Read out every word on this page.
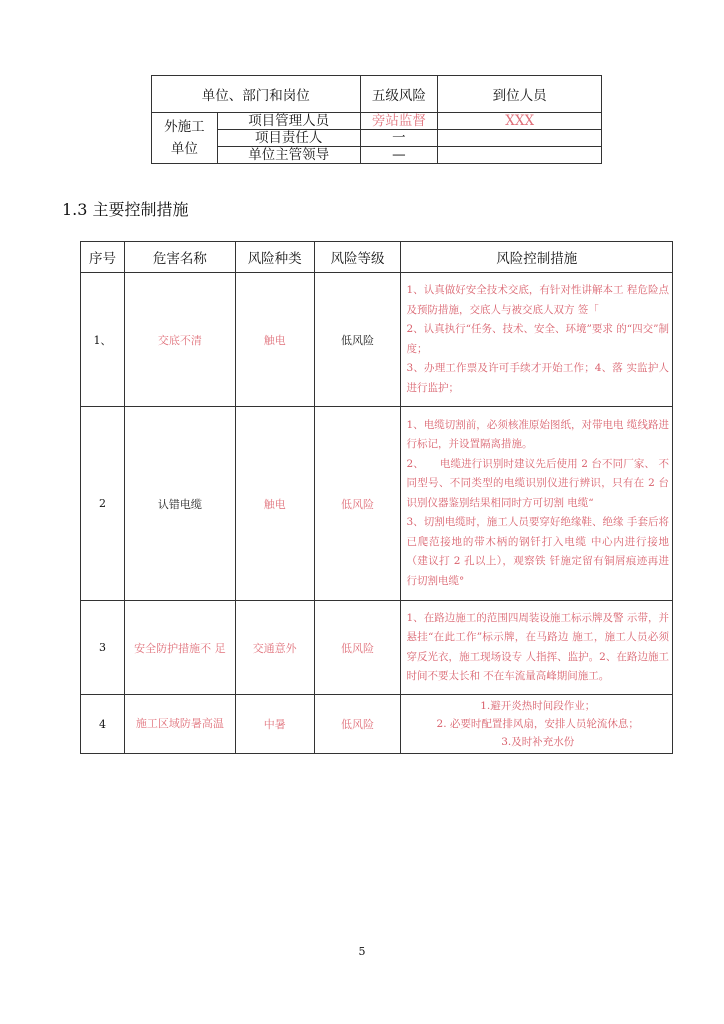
单位、部门和岗位		五级风险	到位人员
外施工
单位	项目管理人员	旁站监督	XXX
	项目责任人	一	
	单位主管领导	—	
1.3 主要控制措施
序号	危害名称	风险种类	风险等级	风险控制措施
1、	交底不清	触电	低风险	1、认真做好安全技术交底，有针对性讲解本工 程危险点及预防措施，交底人与被交底人双方 签「

2、认真执行“任务、技术、安全、环境”要求 的“四交”制度；

3、办理工作票及许可手续才开始工作；4、落 实监护人进行监护；

2	认错电缆	触电	低风险	1、电缆切割前，必须核准原始图纸，对带电电 缆线路进行标记，并设置隔离措施。

2、　　电缆进行识别时建议先后使用 2 台不同厂家、 不同型号、不同类型的电缆识别仪进行辨识，只有在 2 台识别仪器鉴别结果相同时方可切割 电缆“

3、切割电缆时，施工人员要穿好绝缘鞋、绝缘 手套后将已爬范接地的带木柄的钢钎打入电缆 中心内进行接地（建议打 2 孔以上），观察铁 钎施定留有铜屑痕迹再进行切割电缆°

3	安全防护措施不 足	交通意外	低风险	1、在路边施工的范围四周装设施工标示牌及警 示带，并悬挂“在此工作”标示牌，在马路边 施工，施工人员必须穿反光衣，施工现场设专 人指挥、监护。2、在路边施工时间不要太长和 不在车流量高峰期间施工。

4	施工区域防暑高温	中暑	低风险	1.避开炎热时间段作业；

2. 必要时配置排风扇，安排人员轮流休息；

3.及时补充水份

5
